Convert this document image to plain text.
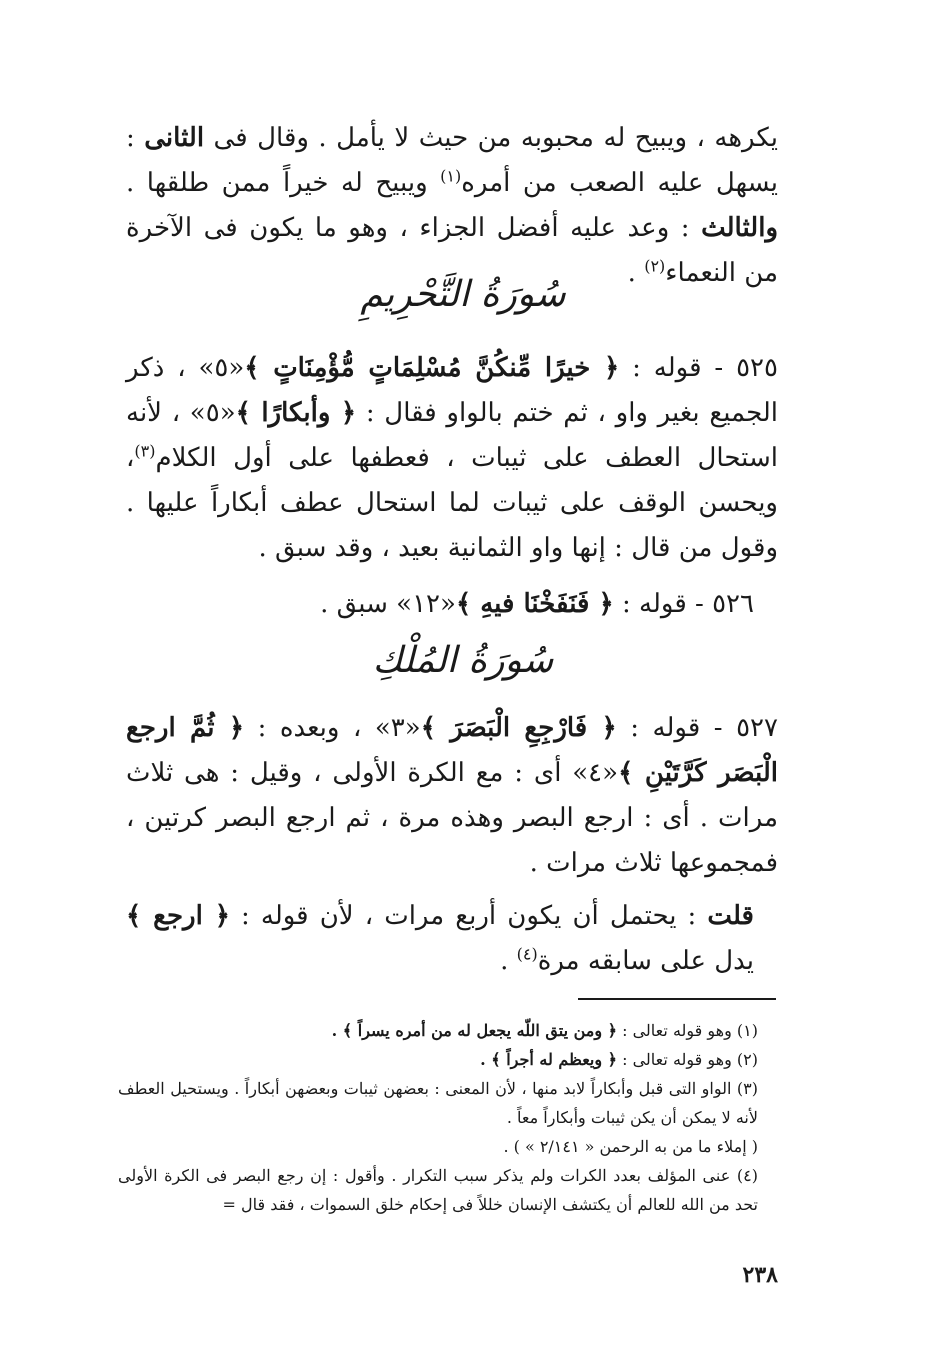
يكرهه ، ويبيح له محبوبه من حيث لا يأمل . وقال فى الثانى : يسهل عليه الصعب من أمره$^{(١)}$ ويبيح له خيراً ممن طلقها . والثالث : وعد عليه أفضل الجزاء ، وهو ما يكون فى الآخرة من النعماء$^{(٢)}$ .

سُورَةُ التَّحْرِيمِ

٥٢٥ - قوله : ﴿ خيرًا مِّنكُنَّ مُسْلِمَاتٍ مُّؤْمِنَاتٍ ﴾«٥» ، ذكر الجميع بغير واو ، ثم ختم بالواو فقال : ﴿ وأبكارًا ﴾«٥» ، لأنه استحال العطف على ثيبات ، فعطفها على أول الكلام$^{(٣)}$، ويحسن الوقف على ثيبات لما استحال عطف أبكاراً عليها . وقول من قال : إنها واو الثمانية بعيد ، وقد سبق .

٥٢٦ - قوله : ﴿ فَنَفَخْنَا فيهِ ﴾«١٢» سبق .

سُورَةُ المُلْكِ

٥٢٧ - قوله : ﴿ فَارْجِعِ الْبَصَرَ ﴾«٣» ، وبعده : ﴿ ثُمَّ ارجع الْبَصَر كَرَّتَيْنِ ﴾«٤» أى : مع الكرة الأولى ، وقيل : هى ثلاث مرات . أى : ارجع البصر وهذه مرة ، ثم ارجع البصر كرتين ، فمجموعها ثلاث مرات .

قلت : يحتمل أن يكون أربع مرات ، لأن قوله : ﴿ ارجع ﴾ يدل على سابقه مرة$^{(٤)}$ .

(١) وهو قوله تعالى : ﴿ ومن يتق اللّه يجعل له من أمره يسراً ﴾ .

(٢) وهو قوله تعالى : ﴿ ويعظم له أجراً ﴾ .

(٣) الواو التى قبل وأبكاراً لابد منها ، لأن المعنى : بعضهن ثيبات وبعضهن أبكاراً . ويستحيل العطف لأنه لا يمكن أن يكن ثيبات وأبكاراً معاً .

( إملاء ما من به الرحمن « ٢/١٤١ » ) .

(٤) عنى المؤلف بعدد الكرات ولم يذكر سبب التكرار . وأقول : إن رجع البصر فى الكرة الأولى تحد من الله للعالم أن يكتشف الإنسان خللاً فى إحكام خلق السموات ، فقد قال =

٢٣٨
